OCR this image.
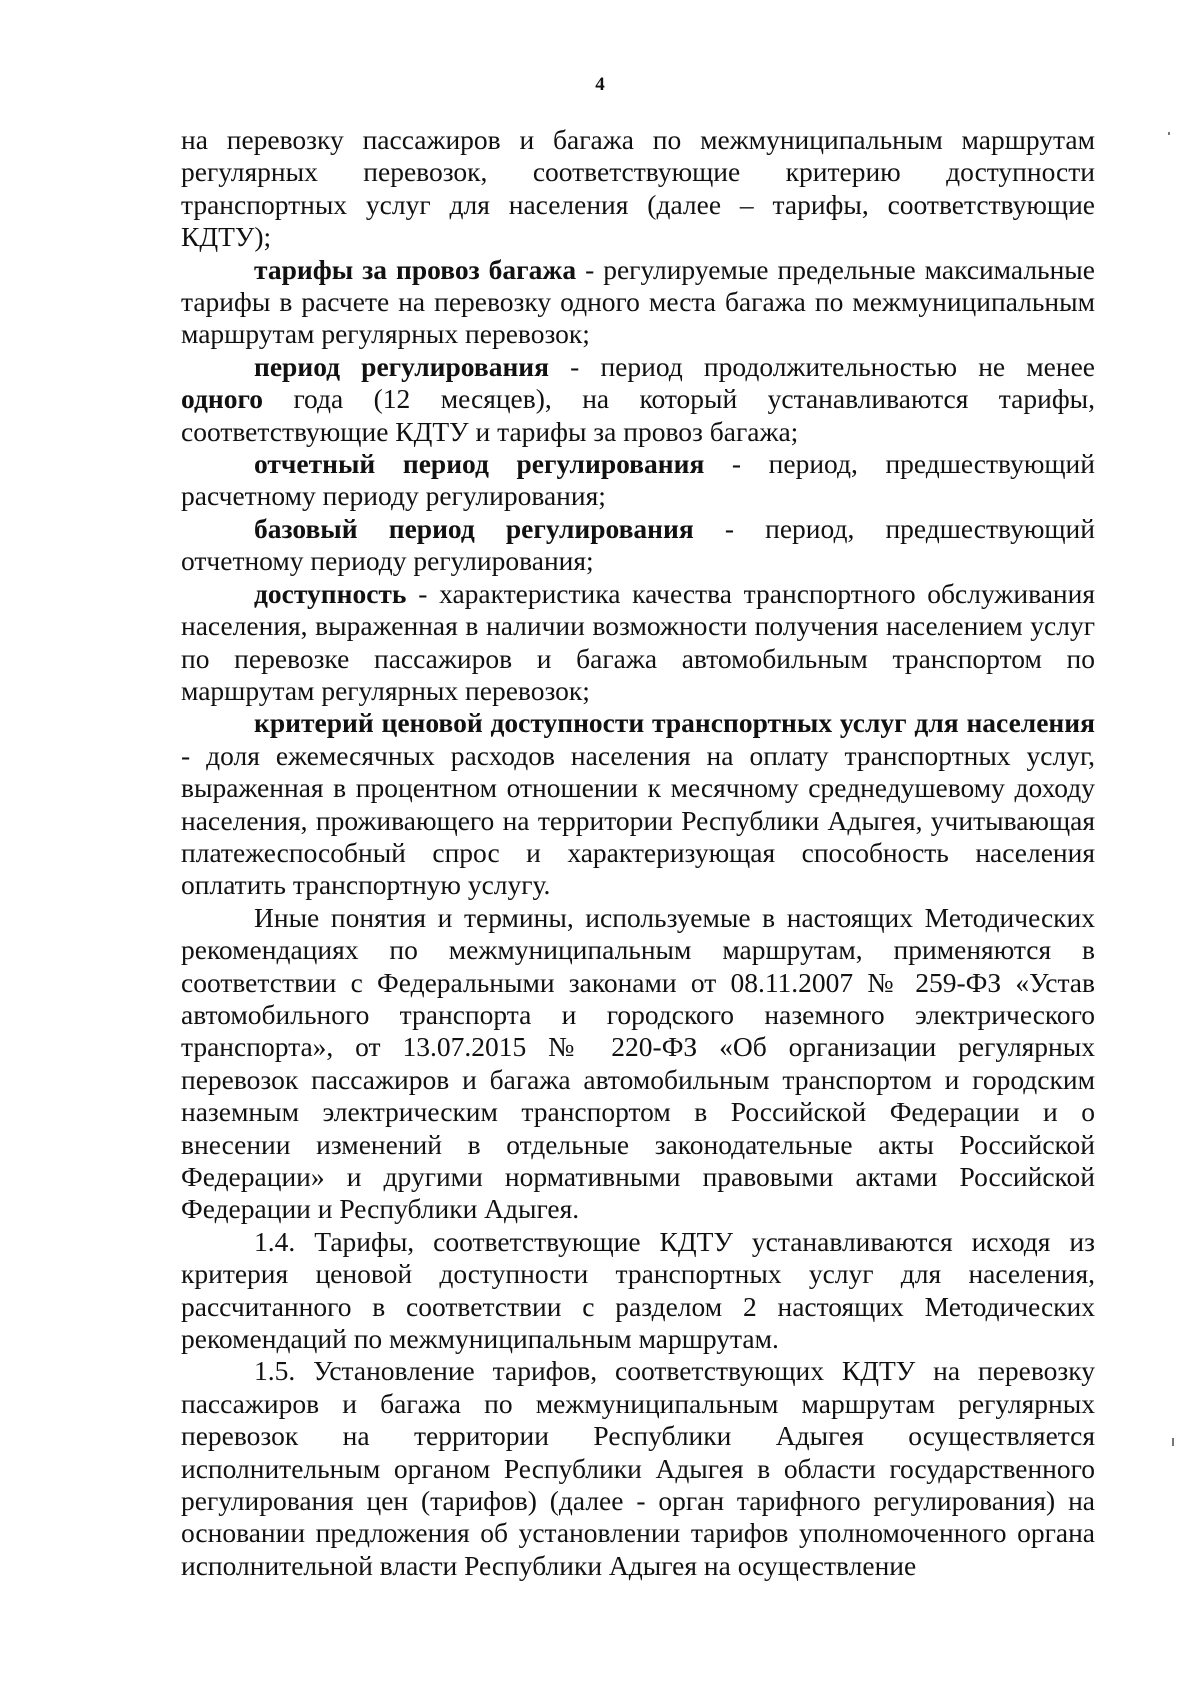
4

на перевозку пассажиров и багажа по межмуниципальным маршрутам регулярных перевозок, соответствующие критерию доступности транспортных услуг для населения (далее – тарифы, соответствующие КДТУ);

тарифы за провоз багажа - регулируемые предельные максимальные тарифы в расчете на перевозку одного места багажа по межмуниципальным маршрутам регулярных перевозок;

период регулирования - период продолжительностью не менее одного года (12 месяцев), на который устанавливаются тарифы, соответствующие КДТУ и тарифы за провоз багажа;

отчетный период регулирования - период, предшествующий расчетному периоду регулирования;

базовый период регулирования - период, предшествующий отчетному периоду регулирования;

доступность - характеристика качества транспортного обслуживания населения, выраженная в наличии возможности получения населением услуг по перевозке пассажиров и багажа автомобильным транспортом по маршрутам регулярных перевозок;

критерий ценовой доступности транспортных услуг для населения - доля ежемесячных расходов населения на оплату транспортных услуг, выраженная в процентном отношении к месячному среднедушевому доходу населения, проживающего на территории Республики Адыгея, учитывающая платежеспособный спрос и характеризующая способность населения оплатить транспортную услугу.

Иные понятия и термины, используемые в настоящих Методических рекомендациях по межмуниципальным маршрутам, применяются в соответствии с Федеральными законами от 08.11.2007 № 259-ФЗ «Устав автомобильного транспорта и городского наземного электрического транспорта», от 13.07.2015 № 220-ФЗ «Об организации регулярных перевозок пассажиров и багажа автомобильным транспортом и городским наземным электрическим транспортом в Российской Федерации и о внесении изменений в отдельные законодательные акты Российской Федерации» и другими нормативными правовыми актами Российской Федерации и Республики Адыгея.

1.4. Тарифы, соответствующие КДТУ устанавливаются исходя из критерия ценовой доступности транспортных услуг для населения, рассчитанного в соответствии с разделом 2 настоящих Методических рекомендаций по межмуниципальным маршрутам.

1.5. Установление тарифов, соответствующих КДТУ на перевозку пассажиров и багажа по межмуниципальным маршрутам регулярных перевозок на территории Республики Адыгея осуществляется исполнительным органом Республики Адыгея в области государственного регулирования цен (тарифов) (далее - орган тарифного регулирования) на основании предложения об установлении тарифов уполномоченного органа исполнительной власти Республики Адыгея на осуществление
